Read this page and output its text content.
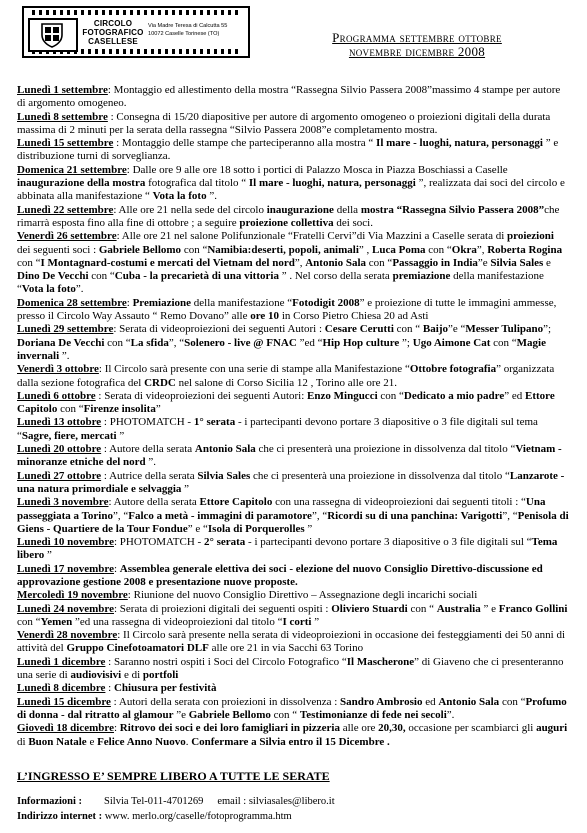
CIRCOLO
FOTOGRAFICO
CASELLESE
Via Madre Teresa di Calcutta 55
10072 Caselle Torinese (TO)	Programma settembre ottobre
novembre dicembre 2008

Lunedì 1 settembre: Montaggio ed allestimento della mostra “Rassegna Silvio Passera 2008”massimo 4 stampe per autore di argomento omogeneo.

Lunedì 8 settembre : Consegna di 15/20 diapositive per autore di argomento omogeneo o proiezioni digitali della durata massima di 2 minuti per la serata della rassegna “Silvio Passera 2008”e completamento mostra.

Lunedì 15 settembre : Montaggio delle stampe che parteciperanno alla mostra “ Il mare - luoghi, natura, personaggi ” e distribuzione turni di sorveglianza.

Domenica 21 settembre: Dalle ore 9 alle ore 18 sotto i portici di Palazzo Mosca in Piazza Boschiassi a Caselle inaugurazione della mostra fotografica dal titolo “ Il mare - luoghi, natura, personaggi ”, realizzata dai soci del circolo e abbinata alla manifestazione “ Vota la foto ”.

Lunedì 22 settembre: Alle ore 21 nella sede del circolo inaugurazione della mostra “Rassegna Silvio Passera 2008”che rimarrà esposta fino alla fine di ottobre ; a seguire proiezione collettiva dei soci.

Venerdì 26 settembre: Alle ore 21 nel salone Polifunzionale “Fratelli Cervi”di Via Mazzini a Caselle serata di proiezioni dei seguenti soci : Gabriele Bellomo con “Namibia:deserti, popoli, animali” , Luca Poma con “Okra”, Roberta Rogina con “I Montagnard-costumi e mercati del Vietnam del nord”, Antonio Sala con “Passaggio in India”e Silvia Sales e Dino De Vecchi con “Cuba - la precarietà di una vittoria ” . Nel corso della serata premiazione della manifestazione “Vota la foto”.

Domenica 28 settembre: Premiazione della manifestazione “Fotodigit 2008” e proiezione di tutte le immagini ammesse, presso il Circolo Way Assauto “ Remo Dovano” alle ore 10 in Corso Pietro Chiesa 20 ad Asti

Lunedì 29 settembre: Serata di videoproiezioni dei seguenti Autori : Cesare Cerutti con “ Baijo”e “Messer Tulipano”; Doriana De Vecchi con “La sfida”, “Solenero - live @ FNAC ”ed “Hip Hop culture ”; Ugo Aimone Cat con “Magie invernali ”.

Venerdì 3 ottobre: Il Circolo sarà presente con una serie di stampe alla Manifestazione “Ottobre fotografia” organizzata dalla sezione fotografica del CRDC nel salone di Corso Sicilia 12 , Torino alle ore 21.

Lunedì 6 ottobre : Serata di videoproiezioni dei seguenti Autori: Enzo Mingucci con “Dedicato a mio padre” ed Ettore Capitolo con “Firenze insolita”

Lunedì 13 ottobre : PHOTOMATCH - 1° serata - i partecipanti devono portare 3 diapositive o 3 file digitali sul tema “Sagre, fiere, mercati ”

Lunedì 20 ottobre : Autore della serata Antonio Sala che ci presenterà una proiezione in dissolvenza dal titolo “Vietnam - minoranze etniche del nord ”.

Lunedì 27 ottobre : Autrice della serata Silvia Sales che ci presenterà una proiezione in dissolvenza dal titolo “Lanzarote - una natura primordiale e selvaggia ”

Lunedì 3 novembre: Autore della serata Ettore Capitolo con una rassegna di videoproiezioni dai seguenti titoli : “Una passeggiata a Torino”, “Falco a metà - immagini di paramotore”, “Ricordi su di una panchina: Varigotti”, “Penisola di Giens - Quartiere de la Tour Fondue” e “Isola di Porquerolles ”

Lunedì 10 novembre: PHOTOMATCH - 2° serata - i partecipanti devono portare 3 diapositive o 3 file digitali sul “Tema libero ”

Lunedì 17 novembre: Assemblea generale elettiva dei soci - elezione del nuovo Consiglio Direttivo-discussione ed approvazione gestione 2008 e presentazione nuove proposte.

Mercoledì 19 novembre: Riunione del nuovo Consiglio Direttivo – Assegnazione degli incarichi sociali

Lunedì 24 novembre: Serata di proiezioni digitali dei seguenti ospiti : Oliviero Stuardi con “ Australia ” e Franco Gollini con “Yemen ”ed una rassegna di videoproiezioni dal titolo “I corti ”

Venerdì 28 novembre: Il Circolo sarà presente nella serata di videoproiezioni in occasione dei festeggiamenti dei 50 anni di attività del Gruppo Cinefotoamatori DLF alle ore 21 in via Sacchi 63 Torino

Lunedì 1 dicembre : Saranno nostri ospiti i Soci del Circolo Fotografico “Il Mascherone” di Giaveno che ci presenteranno una serie di audiovisivi e di portfoli

Lunedì 8 dicembre : Chiusura per festività

Lunedì 15 dicembre : Autori della serata con proiezioni in dissolvenza : Sandro Ambrosio ed Antonio Sala con “Profumo di donna - dal ritratto al glamour ”e Gabriele Bellomo con “ Testimonianze di fede nei secoli”.

Giovedì 18 dicembre: Ritrovo dei soci e dei loro famigliari in pizzeria alle ore 20,30, occasione per scambiarci gli auguri di Buon Natale e Felice Anno Nuovo. Confermare a Silvia entro il 15 Dicembre .

L’INGRESSO E’ SEMPRE LIBERO A TUTTE LE SERATE
Informazioni : Silvia Tel-011-4701269 email : silviasales@libero.it
Indirizzo internet : www. merlo.org/caselle/fotoprogramma.htm
